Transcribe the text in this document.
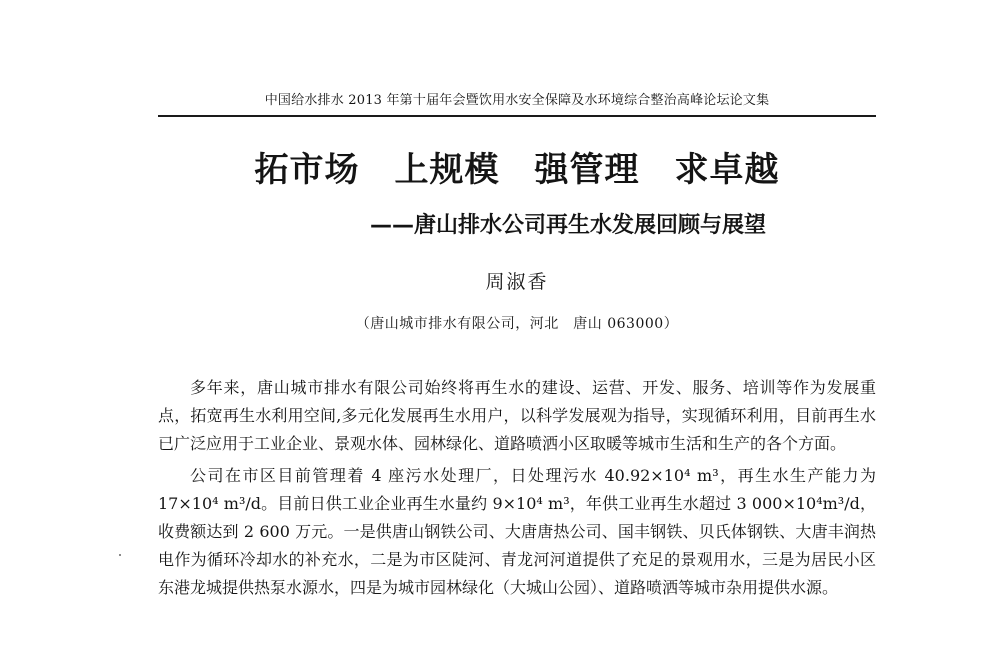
中国给水排水 2013 年第十届年会暨饮用水安全保障及水环境综合整治高峰论坛论文集
拓市场　上规模　强管理　求卓越
——唐山排水公司再生水发展回顾与展望
周淑香
（唐山城市排水有限公司，河北　唐山 063000）

多年来，唐山城市排水有限公司始终将再生水的建设、运营、开发、服务、培训等作为发展重点，拓宽再生水利用空间,多元化发展再生水用户，以科学发展观为指导，实现循环利用，目前再生水已广泛应用于工业企业、景观水体、园林绿化、道路喷洒小区取暖等城市生活和生产的各个方面。

公司在市区目前管理着 4 座污水处理厂，日处理污水 40.92×10⁴ m³，再生水生产能力为 17×10⁴ m³/d。目前日供工业企业再生水量约 9×10⁴ m³，年供工业再生水超过 3 000×10⁴m³/d，收费额达到 2 600 万元。一是供唐山钢铁公司、大唐唐热公司、国丰钢铁、贝氏体钢铁、大唐丰润热电作为循环冷却水的补充水，二是为市区陡河、青龙河河道提供了充足的景观用水，三是为居民小区东港龙城提供热泵水源水，四是为城市园林绿化（大城山公园）、道路喷洒等城市杂用提供水源。
